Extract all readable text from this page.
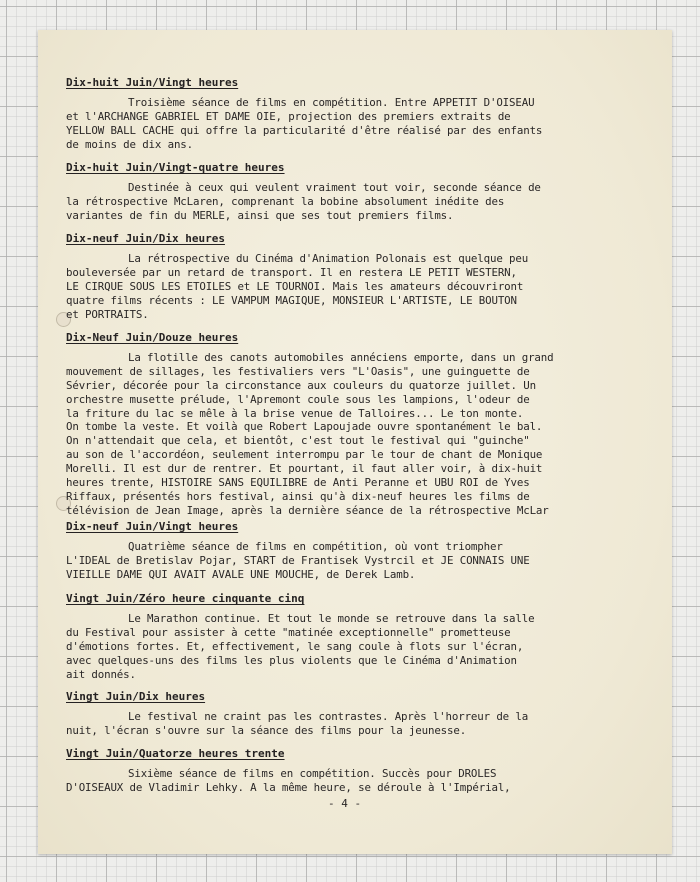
Dix-huit Juin/Vingt heures
Troisième séance de films en compétition. Entre APPETIT D'OISEAU
et l'ARCHANGE GABRIEL ET DAME OIE, projection des premiers extraits de
YELLOW BALL CACHE qui offre la particularité d'être réalisé par des enfants
de moins de dix ans.
Dix-huit Juin/Vingt-quatre heures
Destinée à ceux qui veulent vraiment tout voir, seconde séance de
la rétrospective McLaren, comprenant la bobine absolument inédite des
variantes de fin du MERLE, ainsi que ses tout premiers films.
Dix-neuf Juin/Dix heures
La rétrospective du Cinéma d'Animation Polonais est quelque peu
bouleversée par un retard de transport. Il en restera LE PETIT WESTERN,
LE CIRQUE SOUS LES ETOILES et LE TOURNOI. Mais les amateurs découvriront
quatre films récents : LE VAMPUM MAGIQUE, MONSIEUR L'ARTISTE, LE BOUTON
et PORTRAITS.
Dix-Neuf Juin/Douze heures
La flotille des canots automobiles annéciens emporte, dans un grand
mouvement de sillages, les festivaliers vers "L'Oasis", une guinguette de
Sévrier, décorée pour la circonstance aux couleurs du quatorze juillet. Un
orchestre musette prélude, l'Apremont coule sous les lampions, l'odeur de
la friture du lac se mêle à la brise venue de Talloires... Le ton monte.
On tombe la veste. Et voilà que Robert Lapoujade ouvre spontanément le bal.
On n'attendait que cela, et bientôt, c'est tout le festival qui "guinche"
au son de l'accordéon, seulement interrompu par le tour de chant de Monique
Morelli. Il est dur de rentrer. Et pourtant, il faut aller voir, à dix-huit
heures trente, HISTOIRE SANS EQUILIBRE de Anti Peranne et UBU ROI de Yves
Riffaux, présentés hors festival, ainsi qu'à dix-neuf heures les films de
télévision de Jean Image, après la dernière séance de la rétrospective McLar
Dix-neuf Juin/Vingt heures
Quatrième séance de films en compétition, où vont triompher
L'IDEAL de Bretislav Pojar, START de Frantisek Vystrcil et JE CONNAIS UNE
VIEILLE DAME QUI AVAIT AVALE UNE MOUCHE, de Derek Lamb.
Vingt Juin/Zéro heure cinquante cinq
Le Marathon continue. Et tout le monde se retrouve dans la salle
du Festival pour assister à cette "matinée exceptionnelle" prometteuse
d'émotions fortes. Et, effectivement, le sang coule à flots sur l'écran,
avec quelques-uns des films les plus violents que le Cinéma d'Animation
ait donnés.
Vingt Juin/Dix heures
Le festival ne craint pas les contrastes. Après l'horreur de la
nuit, l'écran s'ouvre sur la séance des films pour la jeunesse.
Vingt Juin/Quatorze heures trente
Sixième séance de films en compétition. Succès pour DROLES
D'OISEAUX de Vladimir Lehky. A la même heure, se déroule à l'Impérial,
- 4 -
